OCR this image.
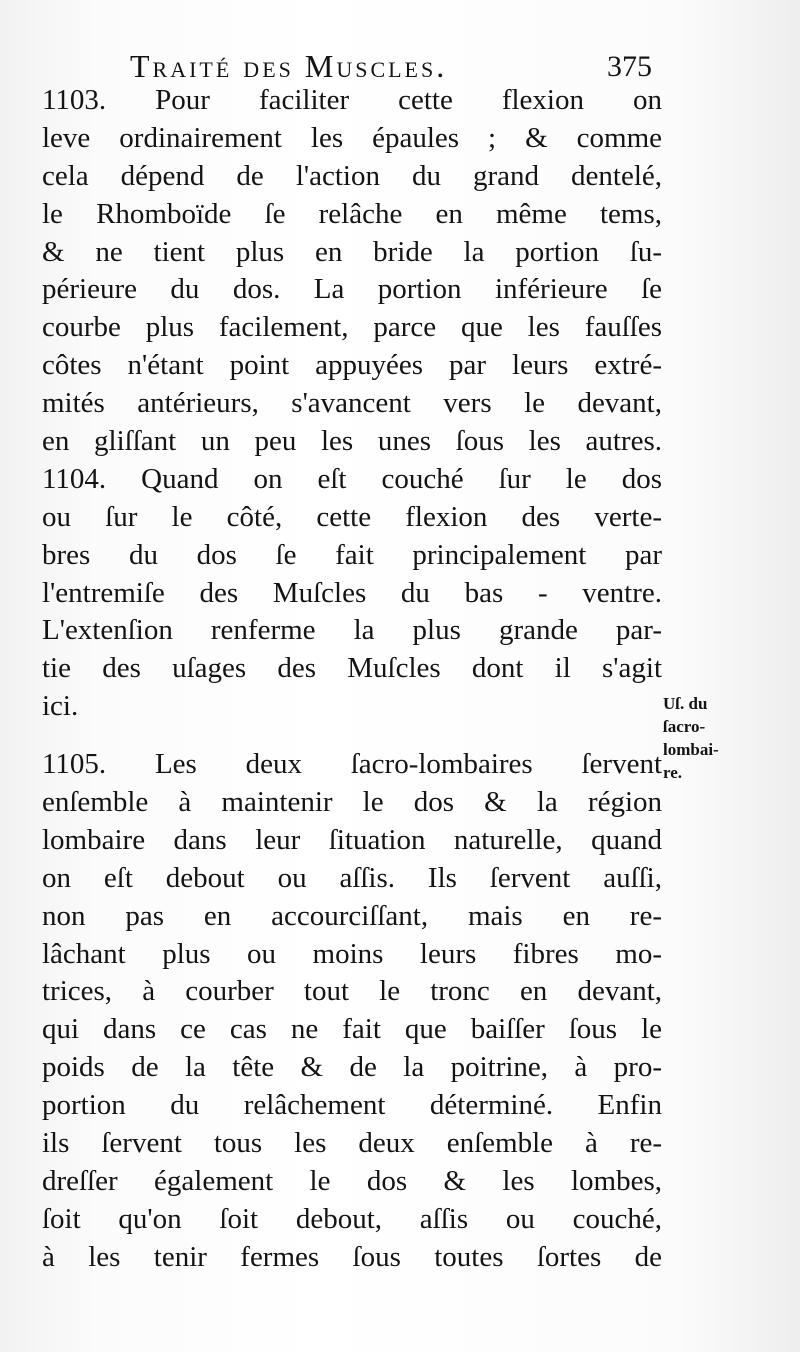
Traité des Muscles.	375
1103. Pour faciliter cette flexion on
leve ordinairement les épaules ; & comme
cela dépend de l'action du grand dentelé,
le Rhomboïde ſe relâche en même tems,
& ne tient plus en bride la portion ſu-
périeure du dos. La portion inférieure ſe
courbe plus facilement, parce que les fauſſes
côtes n'étant point appuyées par leurs extré-
mités antérieurs, s'avancent vers le devant,
en gliſſant un peu les unes ſous les autres.
1104. Quand on eſt couché ſur le dos
ou ſur le côté, cette flexion des verte-
bres du dos ſe fait principalement par
l'entremiſe des Muſcles du bas - ventre.
L'extenſion renferme la plus grande par-
tie des uſages des Muſcles dont il s'agit
ici.
1105. Les deux ſacro-lombaires ſervent
enſemble à maintenir le dos & la région
lombaire dans leur ſituation naturelle, quand
on eſt debout ou aſſis. Ils ſervent auſſi,
non pas en accourciſſant, mais en re-
lâchant plus ou moins leurs fibres mo-
trices, à courber tout le tronc en devant,
qui dans ce cas ne fait que baiſſer ſous le
poids de la tête & de la poitrine, à pro-
portion du relâchement déterminé. Enfin
ils ſervent tous les deux enſemble à re-
dreſſer également le dos & les lombes,
ſoit qu'on ſoit debout, aſſis ou couché,
à les tenir fermes ſous toutes ſortes de
Uſ. du
ſacro-
lombai-
re.
